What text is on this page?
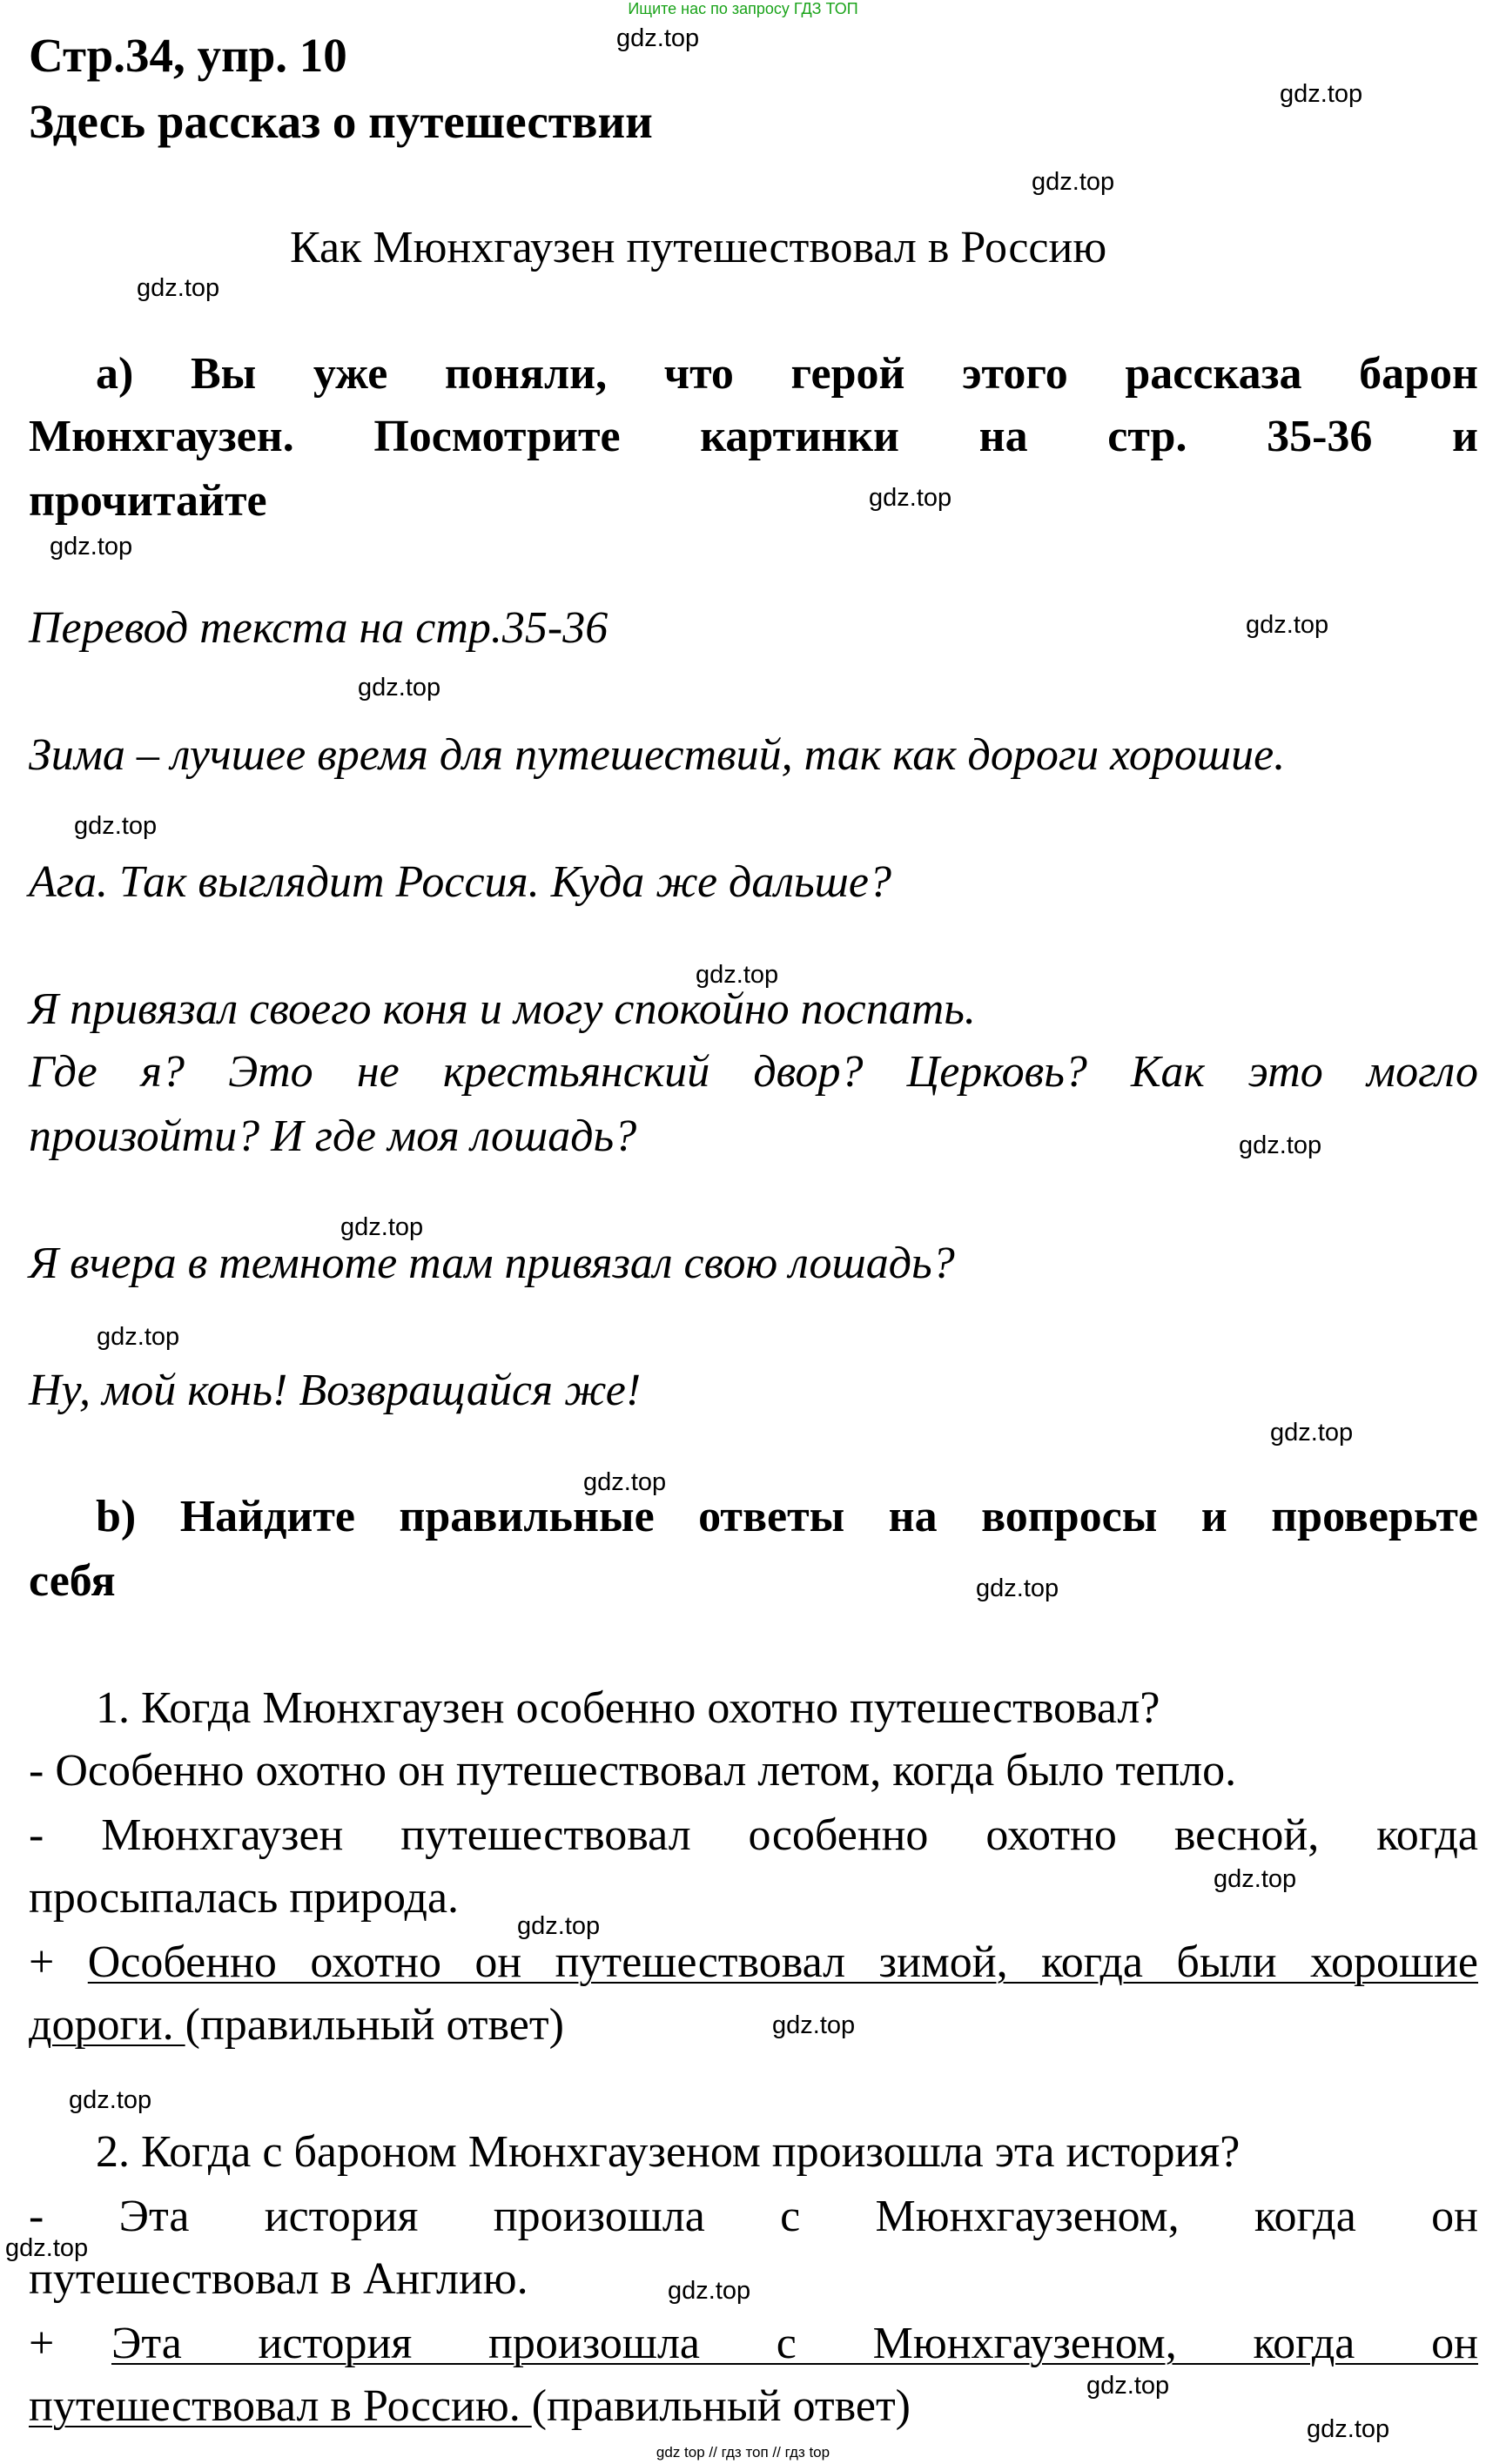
Ищите нас по запросу ГДЗ ТОП
Стр.34, упр. 10
Здесь рассказ о путешествии
Как Мюнхгаузен путешествовал в Россию
а) Вы уже поняли, что герой этого рассказа барон
Мюнхгаузен. Посмотрите картинки на стр. 35-36 и
прочитайте
Перевод текста на стр.35-36
Зима – лучшее время для путешествий, так как дороги хорошие.
Ага. Так выглядит Россия. Куда же дальше?
Я привязал своего коня и могу спокойно поспать.
Где я? Это не крестьянский двор? Церковь? Как это могло
произойти? И где моя лошадь?
Я вчера в темноте там привязал свою лошадь?
Ну, мой конь! Возвращайся же!
b) Найдите правильные ответы на вопросы и проверьте
себя
1. Когда Мюнхгаузен особенно охотно путешествовал?
- Особенно охотно он путешествовал летом, когда было тепло.
- Мюнхгаузен путешествовал особенно охотно весной, когда
просыпалась природа.
+ Особенно охотно он путешествовал зимой, когда были хорошие
дороги. (правильный ответ)
2. Когда с бароном Мюнхгаузеном произошла эта история?
- Эта история произошла с Мюнхгаузеном, когда он
путешествовал в Англию.
+ Эта история произошла с Мюнхгаузеном, когда он
путешествовал в Россию. (правильный ответ)
gdz.top
gdz.top
gdz.top
gdz.top
gdz.top
gdz.top
gdz.top
gdz.top
gdz.top
gdz.top
gdz.top
gdz.top
gdz.top
gdz.top
gdz.top
gdz.top
gdz.top
gdz.top
gdz.top
gdz.top
gdz.top
gdz.top
gdz.top
gdz.top
gdz top // гдз топ // гдз top
